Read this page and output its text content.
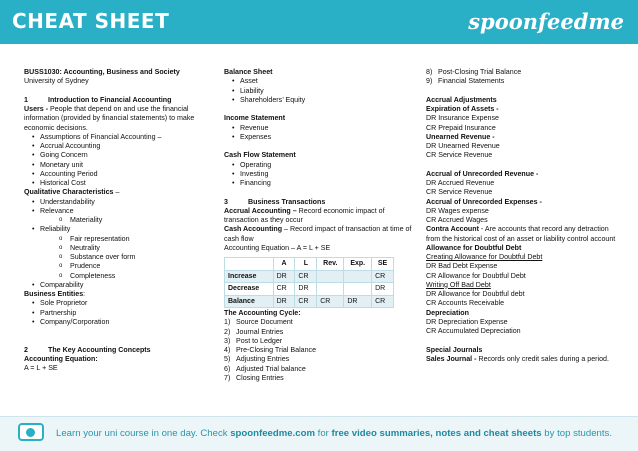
CHEAT SHEET	spoonfeedme
BUSS1030: Accounting, Business and Society
University of Sydney
1	Introduction to Financial Accounting
Users - People that depend on and use the financial information (provided by financial statements) to make economic decisions.
• Assumptions of Financial Accounting –
• Accrual Accounting
• Going Concern
• Monetary unit
• Accounting Period
• Historical Cost
Qualitative Characteristics –
• Understandability
• Relevance
o Materiality
• Reliability
o Fair representation
o Neutrality
o Substance over form
o Prudence
o Completeness
• Comparability
Business Entities:
• Sole Proprietor
• Partnership
• Company/Corporation
2	The Key Accounting Concepts
Accounting Equation:
A = L + SE
Balance Sheet
• Asset
• Liability
• Shareholders’ Equity
Income Statement
• Revenue
• Expenses
Cash Flow Statement
• Operating
• Investing
• Financing
3	Business Transactions
Accrual Accounting – Record economic impact of transaction as they occur
Cash Accounting – Record impact of transaction at time of cash flow
Accounting Equation – A = L + SE
	A	L	Rev.	Exp.	SE
Increase	DR	CR			CR
Decrease	CR	DR			DR
Balance	DR	CR	CR	DR	CR
The Accounting Cycle:
1) Source Document
2) Journal Entries
3) Post to Ledger
4) Pre-Closing Trial Balance
5) Adjusting Entries
6) Adjusted Trial balance
7) Closing Entries
8) Post-Closing Trial Balance
9) Financial Statements
Accrual Adjustments
Expiration of Assets -
DR Insurance Expense
CR Prepaid Insurance
Unearned Revenue -
DR Unearned Revenue
CR Service Revenue
Accrual of Unrecorded Revenue -
DR Accrued Revenue
CR Service Revenue
Accrual of Unrecorded Expenses -
DR Wages expense
CR Accrued Wages
Contra Account - Are accounts that record any detraction from the historical cost of an asset or liability control account
Allowance for Doubtful Debt
Creating Allowance for Doubtful Debt
DR Bad Debt Expense
CR Allowance for Doubtful Debt
Writing Off Bad Debt
DR Allowance for Doubtful debt
CR Accounts Receivable
Depreciation
DR Depreciation Expense
CR Accumulated Depreciation
Special Journals
Sales Journal - Records only credit sales during a period.
Learn your uni course in one day. Check spoonfeedme.com for free video summaries, notes and cheat sheets by top students.
